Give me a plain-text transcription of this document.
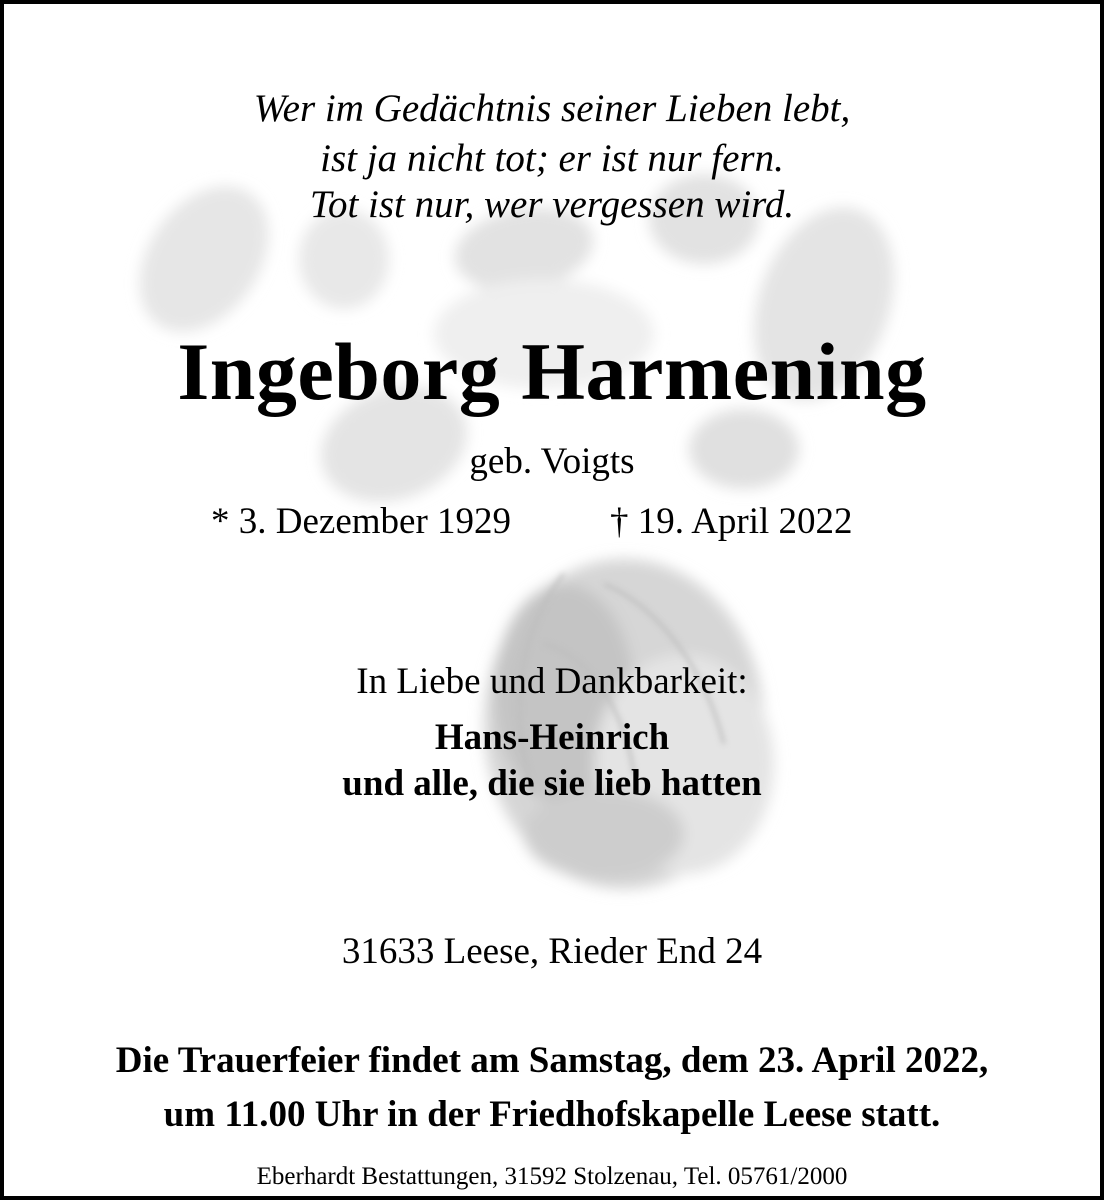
Wer im Gedächtnis seiner Lieben lebt,
ist ja nicht tot; er ist nur fern.
Tot ist nur, wer vergessen wird.
Ingeborg Harmening
geb. Voigts
* 3. Dezember 1929	† 19. April 2022
In Liebe und Dankbarkeit:
Hans-Heinrich
und alle, die sie lieb hatten
31633 Leese, Rieder End 24
Die Trauerfeier findet am Samstag, dem 23. April 2022,
um 11.00 Uhr in der Friedhofskapelle Leese statt.
Eberhardt Bestattungen, 31592 Stolzenau, Tel. 05761/2000
